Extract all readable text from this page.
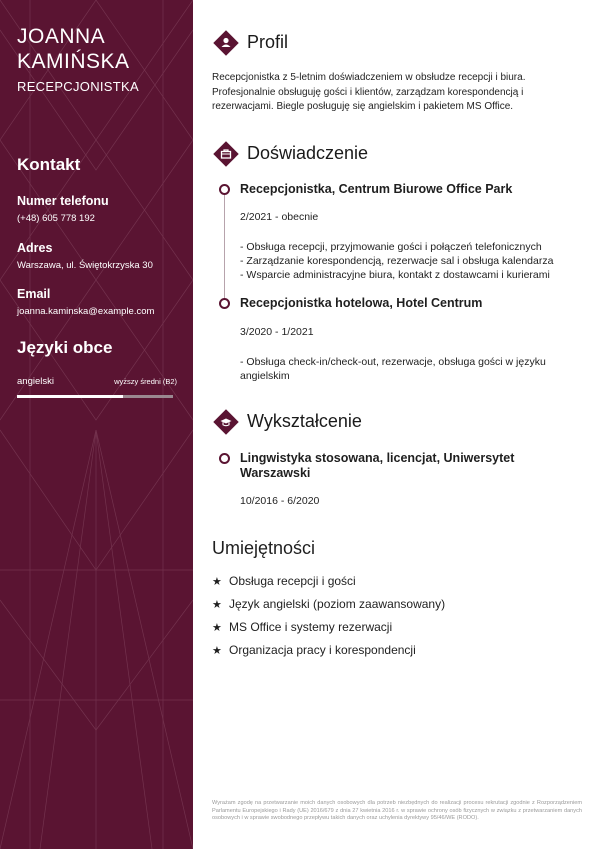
JOANNA
KAMIŃSKA
RECEPCJONISTKA
Kontakt
Numer telefonu
(+48) 605 778 192
Adres
Warszawa, ul. Świętokrzyska 30
Email
joanna.kaminska@example.com
Języki obce
angielski	wyższy średni (B2)
Profil
Recepcjonistka z 5-letnim doświadczeniem w obsłudze recepcji i biura. Profesjonalnie obsługuję gości i klientów, zarządzam korespondencją i rezerwacjami. Biegle posługuję się angielskim i pakietem MS Office.
Doświadczenie
Recepcjonistka, Centrum Biurowe Office Park
2/2021 - obecnie
- Obsługa recepcji, przyjmowanie gości i połączeń telefonicznych
- Zarządzanie korespondencją, rezerwacje sal i obsługa kalendarza
- Wsparcie administracyjne biura, kontakt z dostawcami i kurierami
Recepcjonistka hotelowa, Hotel Centrum
3/2020 - 1/2021
- Obsługa check-in/check-out, rezerwacje, obsługa gości w języku angielskim
Wykształcenie
Lingwistyka stosowana, licencjat, Uniwersytet Warszawski
10/2016 - 6/2020
Umiejętności
★ Obsługa recepcji i gości
★ Język angielski (poziom zaawansowany)
★ MS Office i systemy rezerwacji
★ Organizacja pracy i korespondencji
Wyrażam zgodę na przetwarzanie moich danych osobowych dla potrzeb niezbędnych do realizacji procesu rekrutacji zgodnie z Rozporządzeniem Parlamentu Europejskiego i Rady (UE) 2016/679 z dnia 27 kwietnia 2016 r. w sprawie ochrony osób fizycznych w związku z przetwarzaniem danych osobowych i w sprawie swobodnego przepływu takich danych oraz uchylenia dyrektywy 95/46/WE (RODO).
